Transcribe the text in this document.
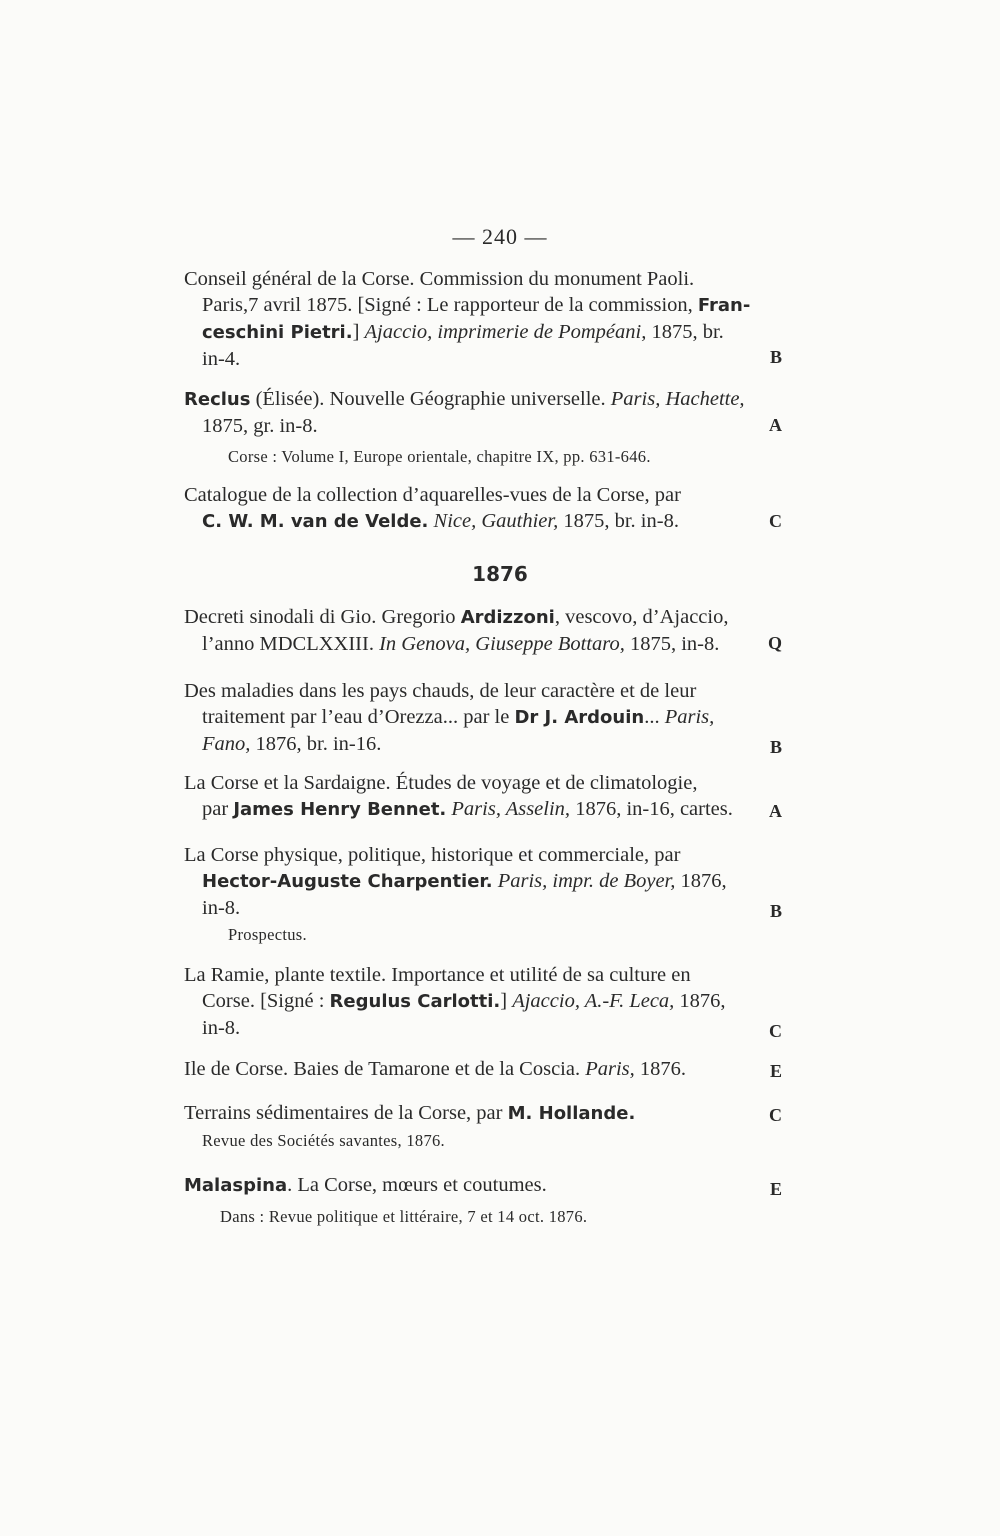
— 240 —
Conseil général de la Corse. Commission du monument Paoli.
Paris,7 avril 1875. [Signé : Le rapporteur de la commission, Fran-
ceschini Pietri.] Ajaccio, imprimerie de Pompéani, 1875, br.
in-4.	B
Reclus (Élisée). Nouvelle Géographie universelle. Paris, Hachette,
1875, gr. in-8.	A
Corse : Volume I, Europe orientale, chapitre IX, pp. 631-646.
Catalogue de la collection d’aquarelles-vues de la Corse, par
C. W. M. van de Velde. Nice, Gauthier, 1875, br. in-8.	C
1876
Decreti sinodali di Gio. Gregorio Ardizzoni, vescovo, d’Ajaccio,
l’anno MDCLXXIII. In Genova, Giuseppe Bottaro, 1875, in-8.	Q
Des maladies dans les pays chauds, de leur caractère et de leur
traitement par l’eau d’Orezza... par le Dr J. Ardouin... Paris,
Fano, 1876, br. in-16.	B
La Corse et la Sardaigne. Études de voyage et de climatologie,
par James Henry Bennet. Paris, Asselin, 1876, in-16, cartes.	A
La Corse physique, politique, historique et commerciale, par
Hector-Auguste Charpentier. Paris, impr. de Boyer, 1876,
in-8.	B
Prospectus.
La Ramie, plante textile. Importance et utilité de sa culture en
Corse. [Signé : Regulus Carlotti.] Ajaccio, A.-F. Leca, 1876,
in-8.	C
Ile de Corse. Baies de Tamarone et de la Coscia. Paris, 1876.	E
Terrains sédimentaires de la Corse, par M. Hollande.	C
Revue des Sociétés savantes, 1876.
Malaspina. La Corse, mœurs et coutumes.	E
Dans : Revue politique et littéraire, 7 et 14 oct. 1876.
